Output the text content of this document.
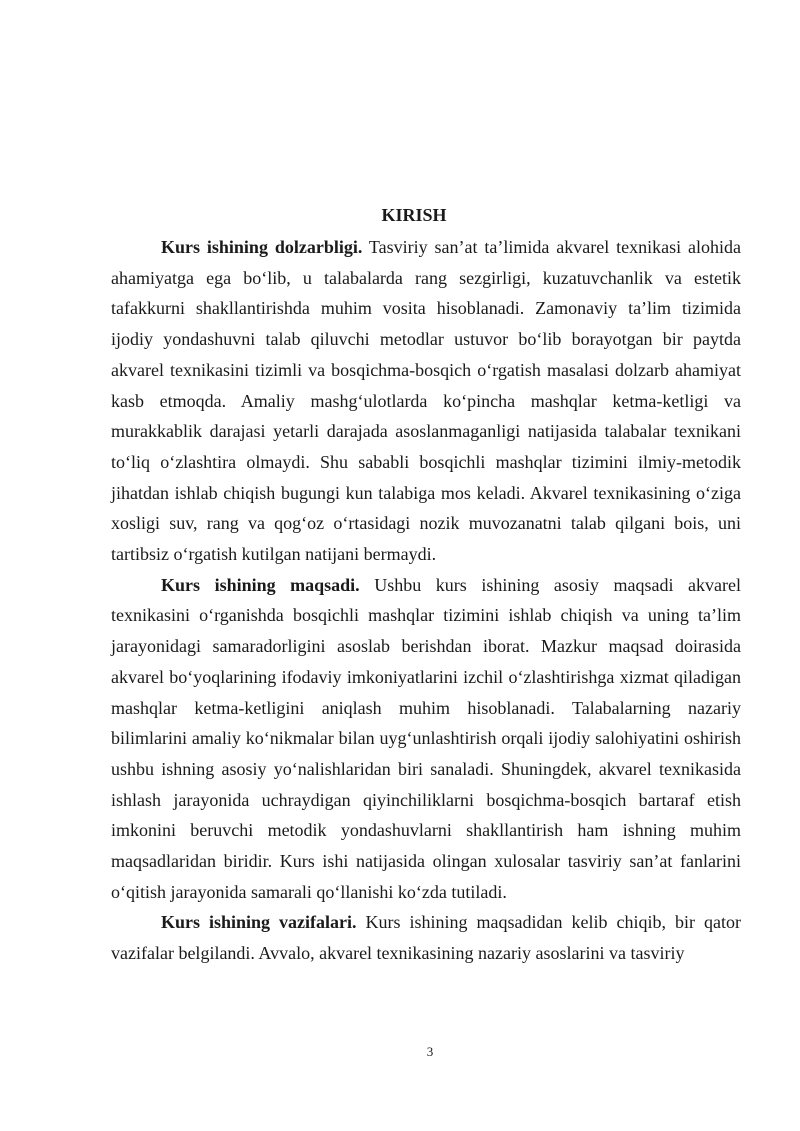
KIRISH

Kurs ishining dolzarbligi. Tasviriy san’at ta’limida akvarel texnikasi alohida ahamiyatga ega bo‘lib, u talabalarda rang sezgirligi, kuzatuvchanlik va estetik tafakkurni shakllantirishda muhim vosita hisoblanadi. Zamonaviy ta’lim tizimida ijodiy yondashuvni talab qiluvchi metodlar ustuvor bo‘lib borayotgan bir paytda akvarel texnikasini tizimli va bosqichma-bosqich o‘rgatish masalasi dolzarb ahamiyat kasb etmoqda. Amaliy mashg‘ulotlarda ko‘pincha mashqlar ketma-ketligi va murakkablik darajasi yetarli darajada asoslanmaganligi natijasida talabalar texnikani to‘liq o‘zlashtira olmaydi. Shu sababli bosqichli mashqlar tizimini ilmiy-metodik jihatdan ishlab chiqish bugungi kun talabiga mos keladi. Akvarel texnikasining o‘ziga xosligi suv, rang va qog‘oz o‘rtasidagi nozik muvozanatni talab qilgani bois, uni tartibsiz o‘rgatish kutilgan natijani bermaydi.

Kurs ishining maqsadi. Ushbu kurs ishining asosiy maqsadi akvarel texnikasini o‘rganishda bosqichli mashqlar tizimini ishlab chiqish va uning ta’lim jarayonidagi samaradorligini asoslab berishdan iborat. Mazkur maqsad doirasida akvarel bo‘yoqlarining ifodaviy imkoniyatlarini izchil o‘zlashtirishga xizmat qiladigan mashqlar ketma-ketligini aniqlash muhim hisoblanadi. Talabalarning nazariy bilimlarini amaliy ko‘nikmalar bilan uyg‘unlashtirish orqali ijodiy salohiyatini oshirish ushbu ishning asosiy yo‘nalishlaridan biri sanaladi. Shuningdek, akvarel texnikasida ishlash jarayonida uchraydigan qiyinchiliklarni bosqichma-bosqich bartaraf etish imkonini beruvchi metodik yondashuvlarni shakllantirish ham ishning muhim maqsadlaridan biridir. Kurs ishi natijasida olingan xulosalar tasviriy san’at fanlarini o‘qitish jarayonida samarali qo‘llanishi ko‘zda tutiladi.

Kurs ishining vazifalari. Kurs ishining maqsadidan kelib chiqib, bir qator vazifalar belgilandi. Avvalo, akvarel texnikasining nazariy asoslarini va tasviriy

3
